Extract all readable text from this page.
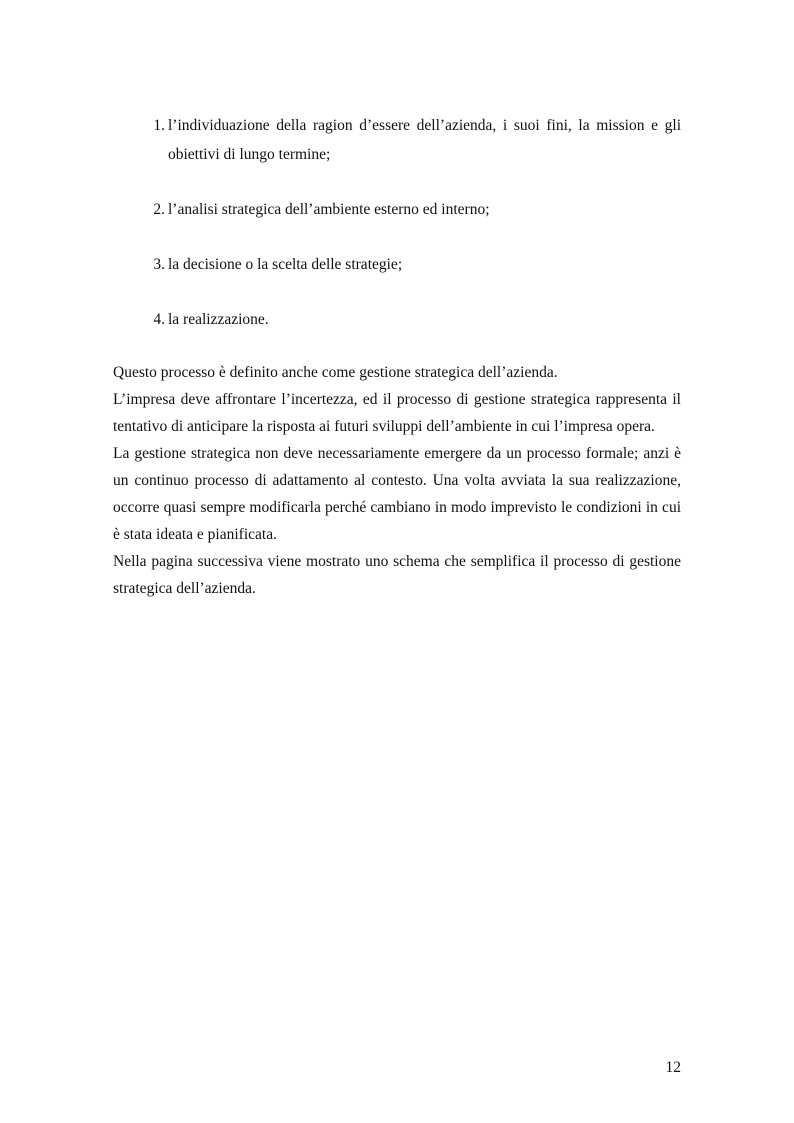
1. l’individuazione della ragion d’essere dell’azienda, i suoi fini, la mission e gli obiettivi di lungo termine;
2. l’analisi strategica dell’ambiente esterno ed interno;
3. la decisione o la scelta delle strategie;
4. la realizzazione.

Questo processo è definito anche come gestione strategica dell’azienda.

L’impresa deve affrontare l’incertezza, ed il processo di gestione strategica rappresenta il tentativo di anticipare la risposta ai futuri sviluppi dell’ambiente in cui l’impresa opera.

La gestione strategica non deve necessariamente emergere da un processo formale; anzi è un continuo processo di adattamento al contesto. Una volta avviata la sua realizzazione, occorre quasi sempre modificarla perché cambiano in modo imprevisto le condizioni in cui è stata ideata e pianificata.

Nella pagina successiva viene mostrato uno schema che semplifica il processo di gestione strategica dell’azienda.

12
